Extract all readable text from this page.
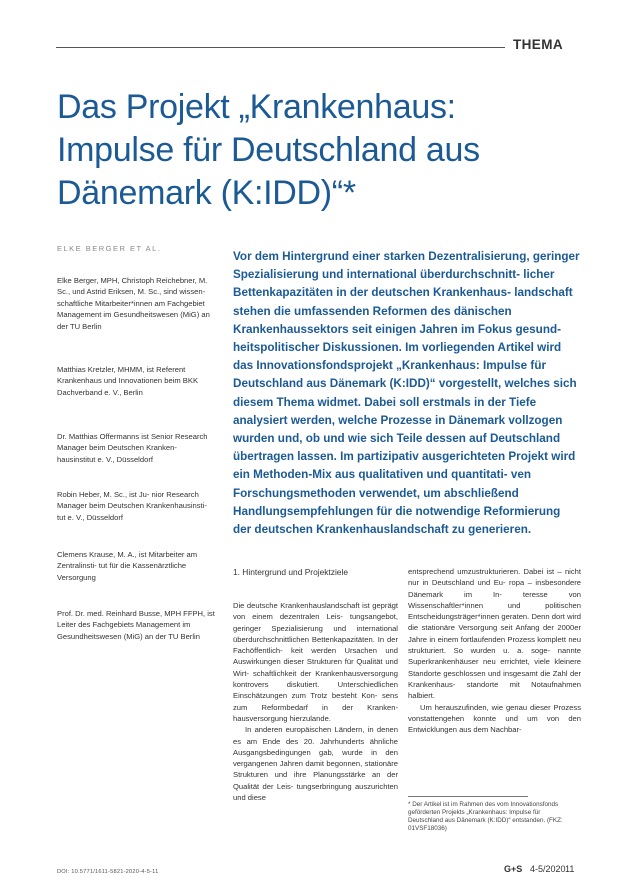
THEMA
Das Projekt „Krankenhaus: Impulse für Deutschland aus Dänemark (K:IDD)“*
ELKE BERGER ET AL.
Elke Berger, MPH, Christoph Reichebner, M. Sc., und Astrid Eriksen, M. Sc., sind wissen- schaftliche Mitarbeiter*innen am Fachgebiet Management im Gesundheitswesen (MiG) an der TU Berlin
Matthias Kretzler, MHMM, ist Referent Krankenhaus und Innovationen beim BKK Dachverband e. V., Berlin
Dr. Matthias Offermanns ist Senior Research Manager beim Deutschen Kranken- hausinstitut e. V., Düsseldorf
Robin Heber, M. Sc., ist Ju- nior Research Manager beim Deutschen Krankenhausinsti- tut e. V., Düsseldorf
Clemens Krause, M. A., ist Mitarbeiter am Zentralinsti- tut für die Kassenärztliche Versorgung
Prof. Dr. med. Reinhard Busse, MPH FFPH, ist Leiter des Fachgebiets Management im Gesundheitswesen (MiG) an der TU Berlin
Vor dem Hintergrund einer starken Dezentralisierung, geringer Spezialisierung und international überdurchschnitt- licher Bettenkapazitäten in der deutschen Krankenhaus- landschaft stehen die umfassenden Reformen des dänischen Krankenhaussektors seit einigen Jahren im Fokus gesund- heitspolitischer Diskussionen. Im vorliegenden Artikel wird das Innovationsfondsprojekt „Krankenhaus: Impulse für Deutschland aus Dänemark (K:IDD)“ vorgestellt, welches sich diesem Thema widmet. Dabei soll erstmals in der Tiefe analysiert werden, welche Prozesse in Dänemark vollzogen wurden und, ob und wie sich Teile dessen auf Deutschland übertragen lassen. Im partizipativ ausgerichteten Projekt wird ein Methoden-Mix aus qualitativen und quantitati- ven Forschungsmethoden verwendet, um abschließend Handlungsempfehlungen für die notwendige Reformierung der deutschen Krankenhauslandschaft zu generieren.
1. Hintergrund und Projektziele

Die deutsche Krankenhauslandschaft ist geprägt von einem dezentralen Leis- tungsangebot, geringer Spezialisierung und international überdurchschnittlichen Bettenkapazitäten. In der Fachöffentlich- keit werden Ursachen und Auswirkungen dieser Strukturen für Qualität und Wirt- schaftlichkeit der Krankenhausversorgung kontrovers diskutiert. Unterschiedlichen Einschätzungen zum Trotz besteht Kon- sens zum Reformbedarf in der Kranken- hausversorgung hierzulande.

In anderen europäischen Ländern, in denen es am Ende des 20. Jahrhunderts ähnliche Ausgangsbedingungen gab, wurde in den vergangenen Jahren damit begonnen, stationäre Strukturen und ihre Planungsstärke an der Qualität der Leis- tungserbringung auszurichten und diese

entsprechend umzustrukturieren. Dabei ist – nicht nur in Deutschland und Eu- ropa – insbesondere Dänemark im In- teresse von Wissenschaftler*innen und politischen Entscheidungsträger*innen geraten. Denn dort wird die stationäre Versorgung seit Anfang der 2000er Jahre in einem fortlaufenden Prozess komplett neu strukturiert. So wurden u. a. soge- nannte Superkrankenhäuser neu errichtet, viele kleinere Standorte geschlossen und insgesamt die Zahl der Krankenhaus- standorte mit Notaufnahmen halbiert.

Um herauszufinden, wie genau dieser Prozess vonstattengehen konnte und um von den Entwicklungen aus dem Nachbar-

* Der Artikel ist im Rahmen des vom Innovationsfonds geförderten Projekts „Krankenhaus: Impulse für Deutschland aus Dänemark (K:IDD)“ entstanden. (FKZ: 01VSF18036)
DOI: 10.5771/1611-5821-2020-4-5-11	G+S 4-5/2020 11
